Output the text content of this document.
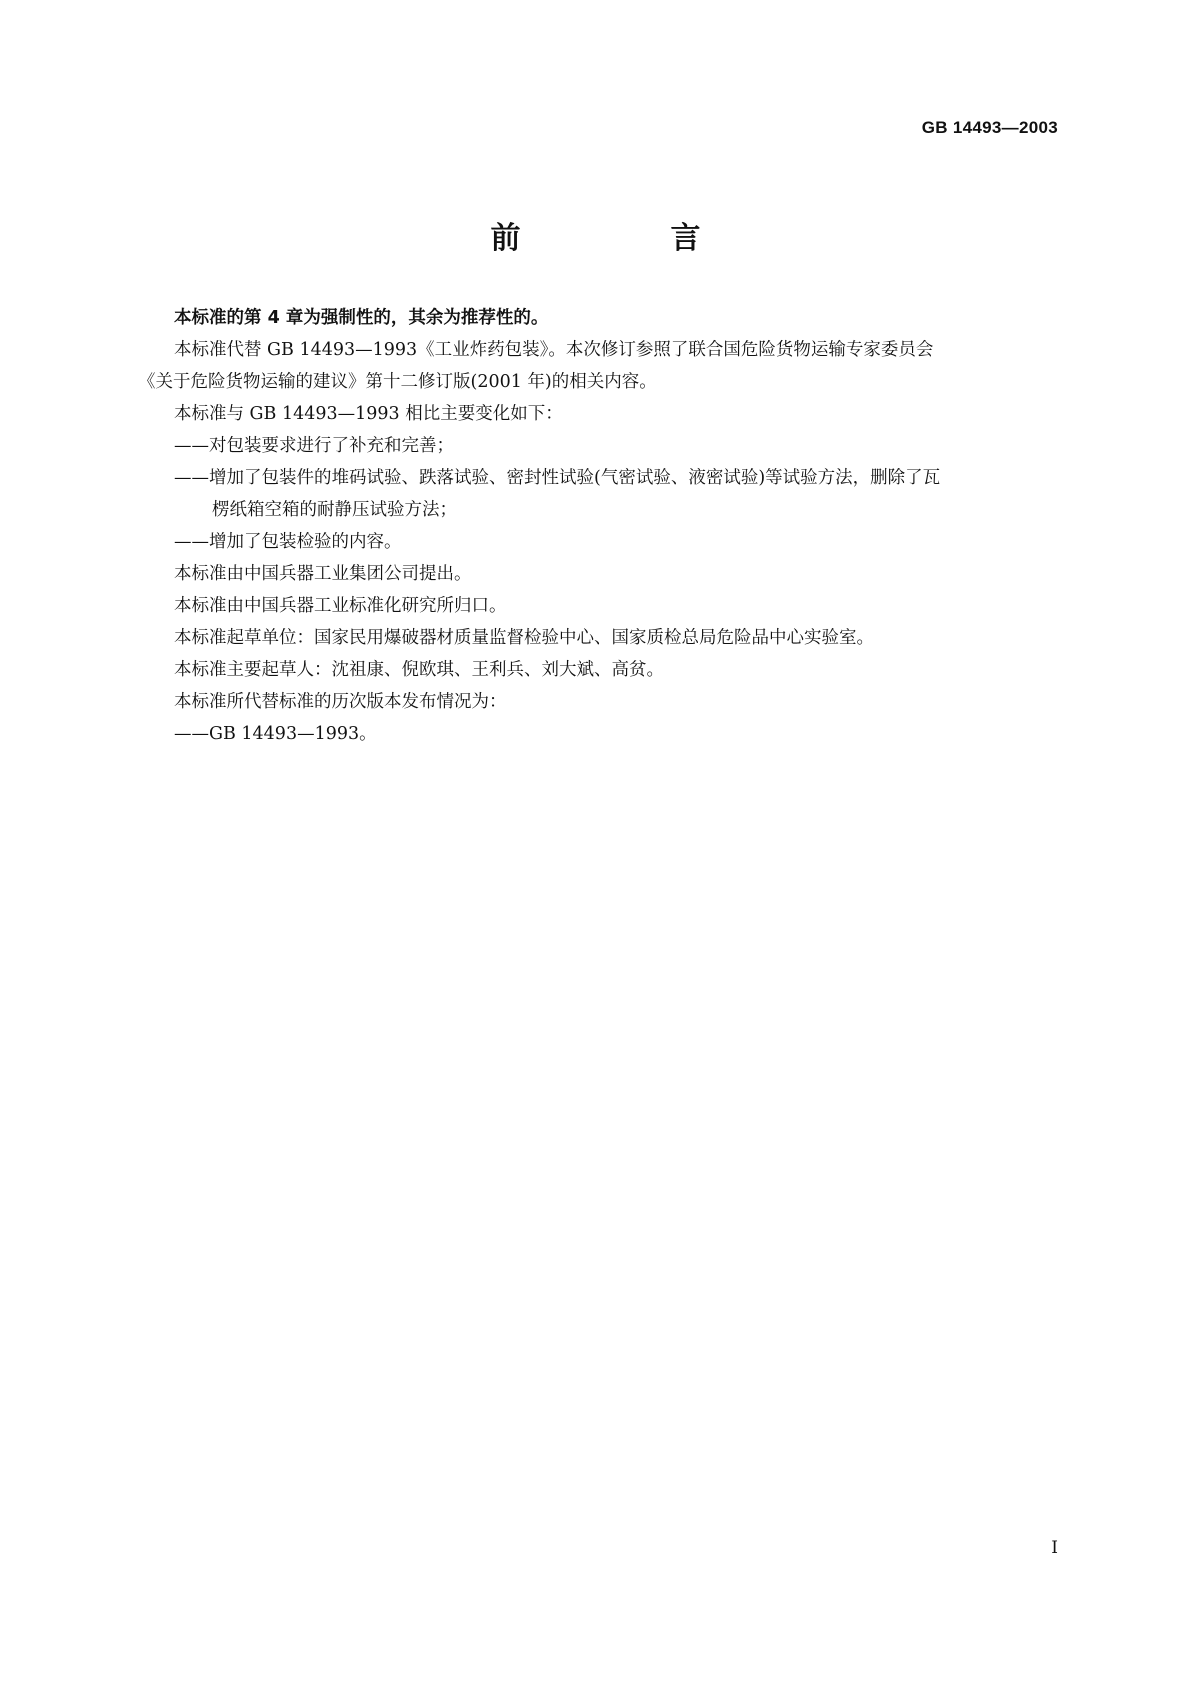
GB 14493—2003
前　言
本标准的第 4 章为强制性的，其余为推荐性的。
本标准代替 GB 14493—1993《工业炸药包装》。本次修订参照了联合国危险货物运输专家委员会
《关于危险货物运输的建议》第十二修订版(2001 年)的相关内容。
本标准与 GB 14493—1993 相比主要变化如下：
——对包装要求进行了补充和完善；
——增加了包装件的堆码试验、跌落试验、密封性试验(气密试验、液密试验)等试验方法，删除了瓦
楞纸箱空箱的耐静压试验方法；
——增加了包装检验的内容。
本标准由中国兵器工业集团公司提出。
本标准由中国兵器工业标准化研究所归口。
本标准起草单位：国家民用爆破器材质量监督检验中心、国家质检总局危险品中心实验室。
本标准主要起草人：沈祖康、倪欧琪、王利兵、刘大斌、高贫。
本标准所代替标准的历次版本发布情况为：
——GB 14493—1993。
I
